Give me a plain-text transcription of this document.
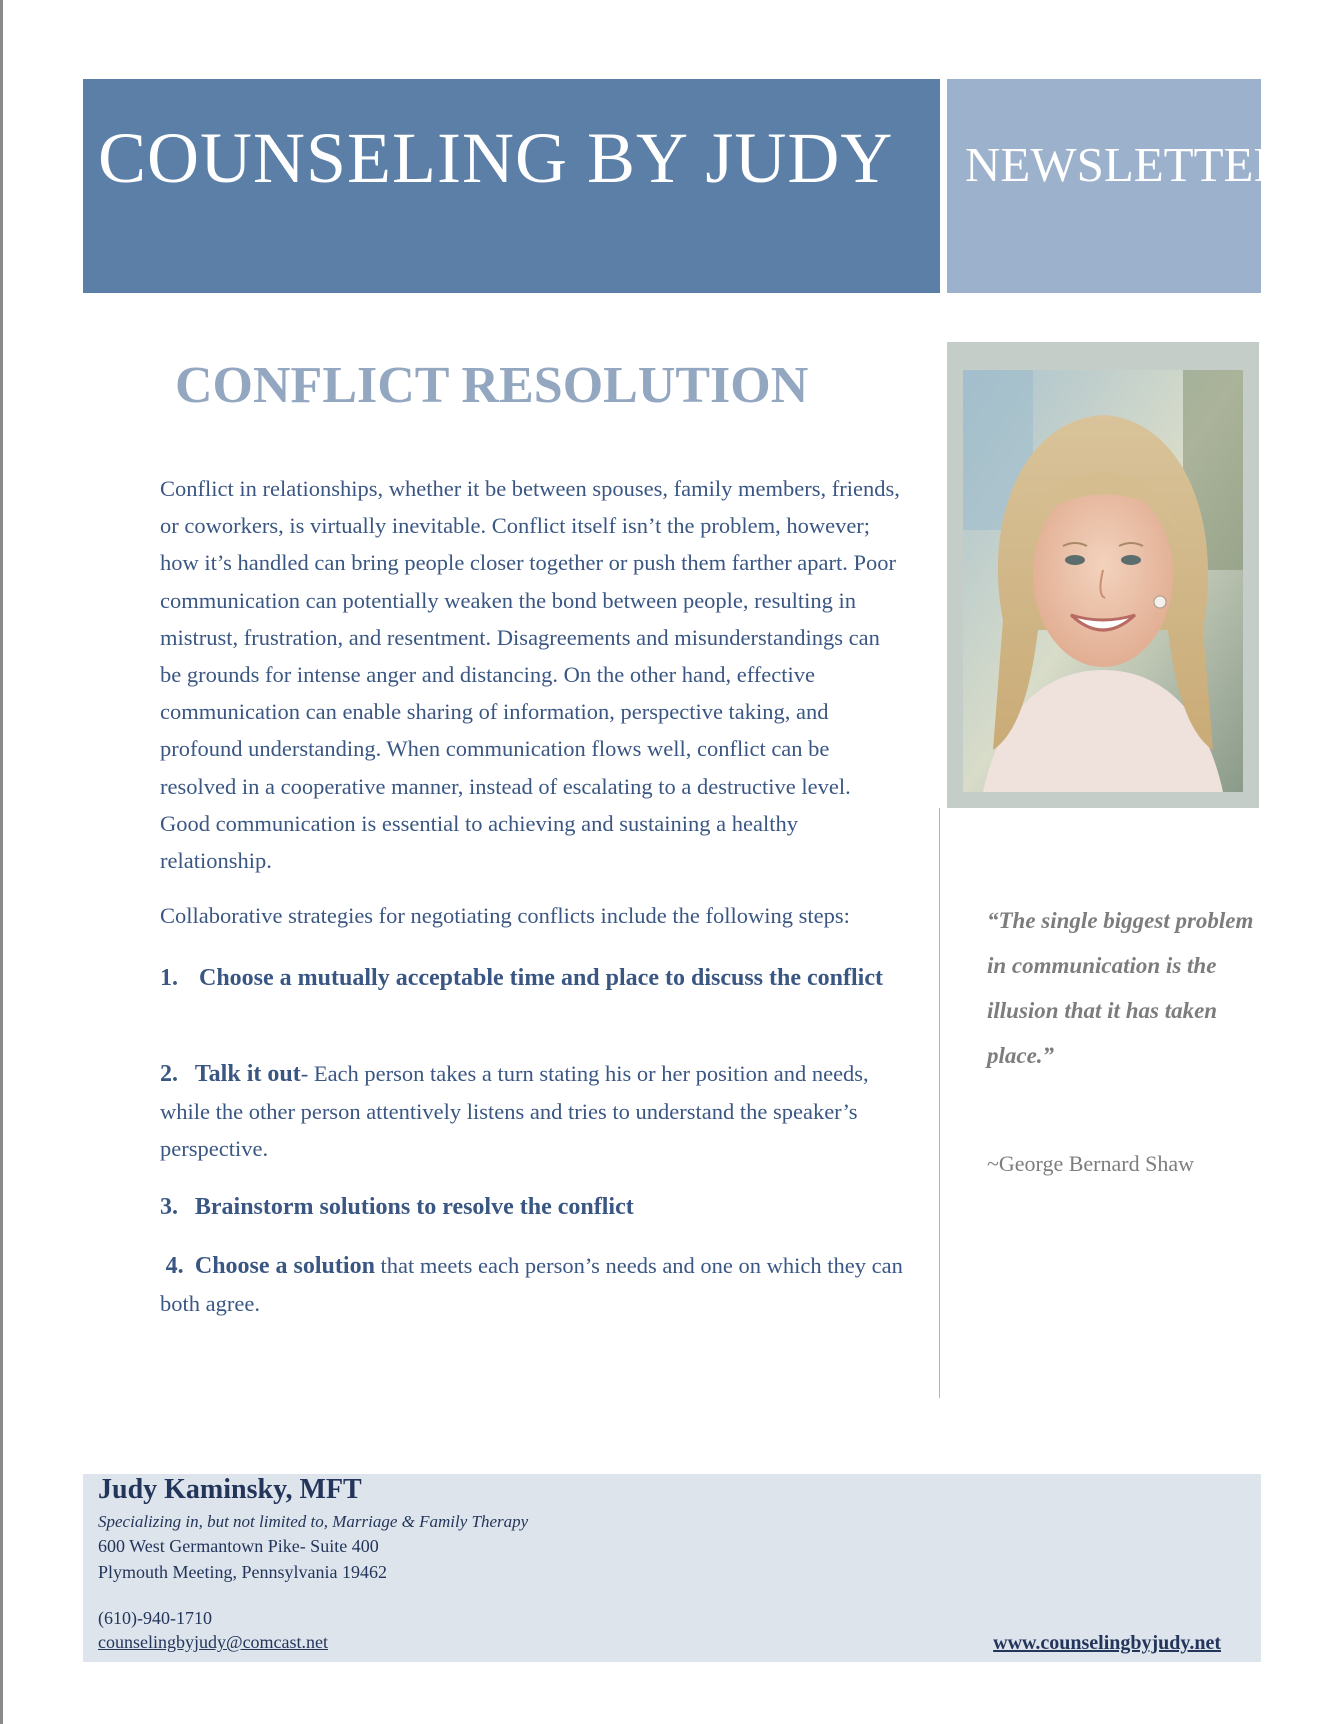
COUNSELING BY JUDY NEWSLETTER
CONFLICT RESOLUTION

Conflict in relationships, whether it be between spouses, family members, friends, or coworkers, is virtually inevitable. Conflict itself isn’t the problem, however; how it’s handled can bring people closer together or push them farther apart. Poor communication can potentially weaken the bond between people, resulting in mistrust, frustration, and resentment. Disagreements and misunderstandings can be grounds for intense anger and distancing. On the other hand, effective communication can enable sharing of information, perspective taking, and profound understanding. When communication flows well, conflict can be resolved in a cooperative manner, instead of escalating to a destructive level. Good communication is essential to achieving and sustaining a healthy relationship.

Collaborative strategies for negotiating conflicts include the following steps:

1. Choose a mutually acceptable time and place to discuss the conflict
2. Talk it out- Each person takes a turn stating his or her position and needs, while the other person attentively listens and tries to understand the speaker’s perspective.
3. Brainstorm solutions to resolve the conflict
4. Choose a solution that meets each person’s needs and one on which they can both agree.
“The single biggest problem in communication is the illusion that it has taken place.”
~George Bernard Shaw
Judy Kaminsky, MFT
Specializing in, but not limited to, Marriage & Family Therapy
600 West Germantown Pike- Suite 400
Plymouth Meeting, Pennsylvania 19462
(610)-940-1710
counselingbyjudy@comcast.net	www.counselingbyjudy.net
